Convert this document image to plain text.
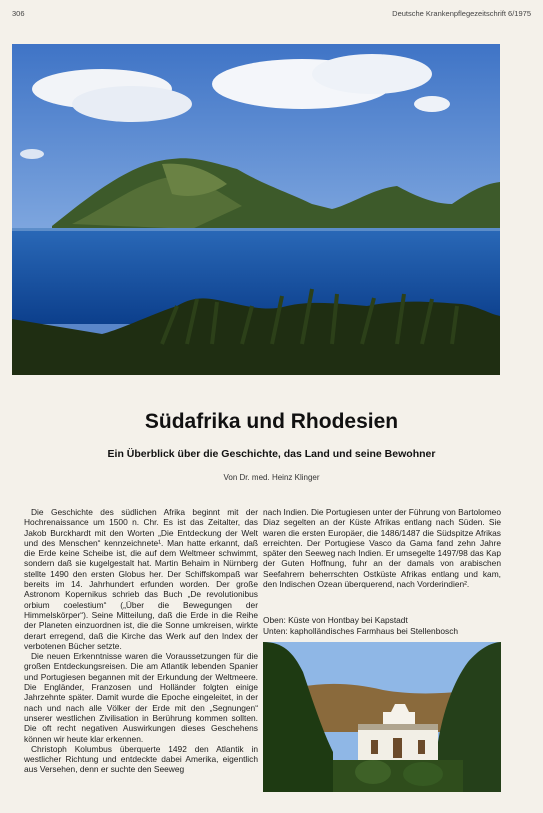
306	Deutsche Krankenpflegezeitschrift 6/1975
Südafrika und Rhodesien
Ein Überblick über die Geschichte, das Land und seine Bewohner
Von Dr. med. Heinz Klinger

Die Geschichte des südlichen Afrika beginnt mit der Hochrenaissance um 1500 n. Chr. Es ist das Zeitalter, das Jakob Burckhardt mit den Worten „Die Entdeckung der Welt und des Menschen“ kennzeichnete¹. Man hatte erkannt, daß die Erde keine Scheibe ist, die auf dem Weltmeer schwimmt, sondern daß sie kugelgestalt hat. Martin Behaim in Nürnberg stellte 1490 den ersten Globus her. Der Schiffskompaß war bereits im 14. Jahrhundert erfunden worden. Der große Astronom Kopernikus schrieb das Buch „De revolutionibus orbium coelestium“ („Über die Bewegungen der Himmelskörper“). Seine Mitteilung, daß die Erde in die Reihe der Planeten einzuordnen ist, die die Sonne umkreisen, wirkte derart erregend, daß die Kirche das Werk auf den Index der verbotenen Bücher setzte.

Die neuen Erkenntnisse waren die Voraussetzungen für die großen Entdeckungsreisen. Die am Atlantik lebenden Spanier und Portugiesen begannen mit der Erkundung der Weltmeere. Die Engländer, Franzosen und Holländer folgten einige Jahrzehnte später. Damit wurde die Epoche eingeleitet, in der nach und nach alle Völker der Erde mit den „Segnungen“ unserer westlichen Zivilisation in Berührung kommen sollten. Die oft recht negativen Auswirkungen dieses Geschehens können wir heute klar erkennen.

Christoph Kolumbus überquerte 1492 den Atlantik in westlicher Richtung und entdeckte dabei Amerika, eigentlich aus Versehen, denn er suchte den Seeweg

nach Indien. Die Portugiesen unter der Führung von Bartolomeo Diaz segelten an der Küste Afrikas entlang nach Süden. Sie waren die ersten Europäer, die 1486/1487 die Südspitze Afrikas erreichten. Der Portugiese Vasco da Gama fand zehn Jahre später den Seeweg nach Indien. Er umsegelte 1497/98 das Kap der Guten Hoffnung, fuhr an der damals von arabischen Seefahrern beherrschten Ostküste Afrikas entlang und kam, den Indischen Ozean überquerend, nach Vorderindien².

Oben: Küste von Hontbay bei Kapstadt
Unten: kapholländisches Farmhaus bei Stellenbosch
